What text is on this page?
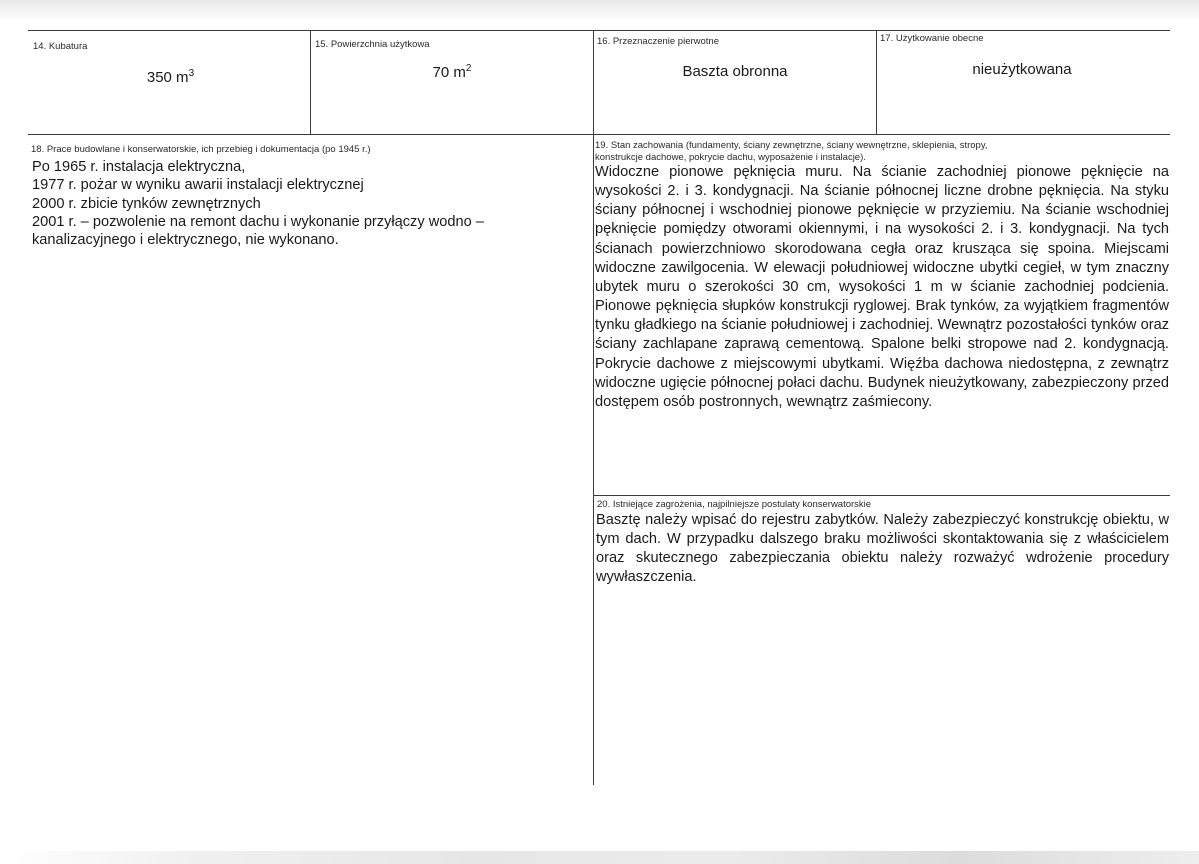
14. Kubatura
350 $m^3$
15. Powierzchnia użytkowa
70 $m^2$
16. Przeznaczenie pierwotne
Baszta obronna
17. Użytkowanie obecne
nieużytkowana
18. Prace budowlane i konserwatorskie, ich przebieg i dokumentacja (po 1945 r.)
Po 1965 r. instalacja elektryczna,
1977 r. pożar w wyniku awarii instalacji elektrycznej
2000 r. zbicie tynków zewnętrznych
2001 r. – pozwolenie na remont dachu i wykonanie przyłączy wodno –
kanalizacyjnego i elektrycznego, nie wykonano.
19. Stan zachowania (fundamenty, ściany zewnętrzne, ściany wewnętrzne, sklepienia, stropy,
konstrukcje dachowe, pokrycie dachu, wyposażenie i instalacje).
Widoczne pionowe pęknięcia muru. Na ścianie zachodniej pionowe pęknięcie na wysokości 2. i 3. kondygnacji. Na ścianie północnej liczne drobne pęknięcia. Na styku ściany północnej i wschodniej pionowe pęknięcie w przyziemiu. Na ścianie wschodniej pęknięcie pomiędzy otworami okiennymi, i na wysokości 2. i 3. kondygnacji. Na tych ścianach powierzchniowo skorodowana cegła oraz krusząca się spoina. Miejscami widoczne zawilgocenia. W elewacji południowej widoczne ubytki cegieł, w tym znaczny ubytek muru o szerokości 30 cm, wysokości 1 m w ścianie zachodniej podcienia. Pionowe pęknięcia słupków konstrukcji ryglowej. Brak tynków, za wyjątkiem fragmentów tynku gładkiego na ścianie południowej i zachodniej. Wewnątrz pozostałości tynków oraz ściany zachlapane zaprawą cementową. Spalone belki stropowe nad 2. kondygnacją. Pokrycie dachowe z miejscowymi ubytkami. Więźba dachowa niedostępna, z zewnątrz widoczne ugięcie północnej połaci dachu. Budynek nieużytkowany, zabezpieczony przed dostępem osób postronnych, wewnątrz zaśmiecony.
20. Istniejące zagrożenia, najpilniejsze postulaty konserwatorskie
Basztę należy wpisać do rejestru zabytków. Należy zabezpieczyć konstrukcję obiektu, w tym dach. W przypadku dalszego braku możliwości skontaktowania się z właścicielem oraz skutecznego zabezpieczania obiektu należy rozważyć wdrożenie procedury wywłaszczenia.
